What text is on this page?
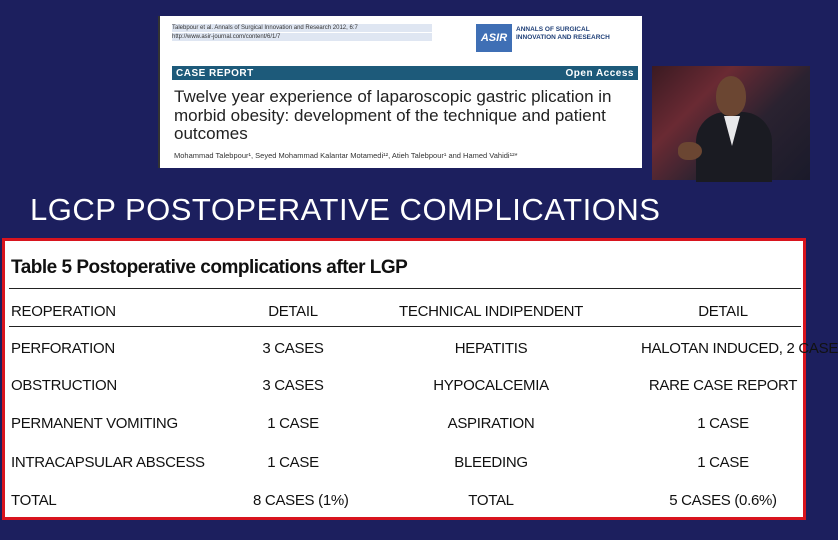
Talebpour et al. Annals of Surgical Innovation and Research 2012, 6:7
http://www.asir-journal.com/content/6/1/7	ASIR
ANNALS OF SURGICAL
INNOVATION AND RESEARCH
CASE REPORT	Open Access
Twelve year experience of laparoscopic gastric plication in morbid obesity: development of the technique and patient outcomes
Mohammad Talebpour¹, Seyed Mohammad Kalantar Motamedi¹², Atieh Talebpour¹ and Hamed Vahidi¹²*
LGCP POSTOPERATIVE COMPLICATIONS
Table 5 Postoperative complications after LGP
REOPERATION	DETAIL	TECHNICAL INDIPENDENT	DETAIL
PERFORATION	3 CASES	HEPATITIS	HALOTAN INDUCED, 2 CASE
OBSTRUCTION	3 CASES	HYPOCALCEMIA	RARE CASE REPORT
PERMANENT VOMITING	1 CASE	ASPIRATION	1 CASE
INTRACAPSULAR ABSCESS	1 CASE	BLEEDING	1 CASE
TOTAL	8 CASES (1%)	TOTAL	5 CASES (0.6%)
